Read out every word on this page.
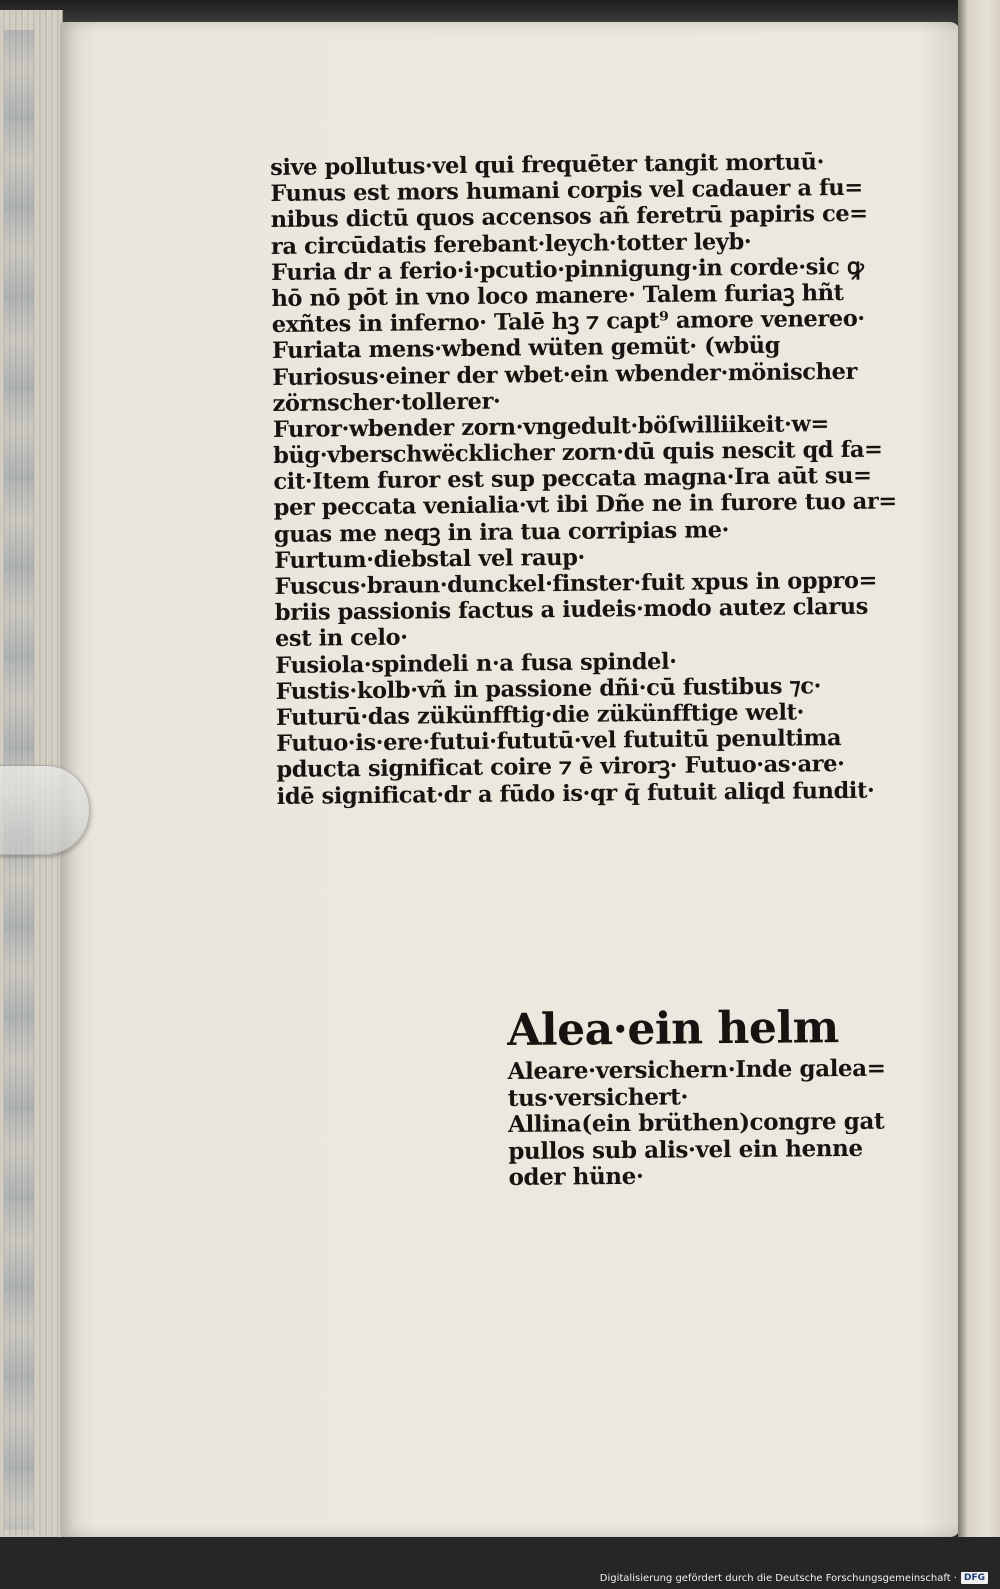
sive pollutus·vel qui frequēter tangit mortuū·
Funus est mors humani corpis vel cadauer a fu=
nibus dictū quos accensos añ feretrū papiris ce=
ra circūdatis ferebant·leych·totter leyb·
Furia dr a ferio·i·pcutio·pinnigung·in corde·sic ꝙ
hō nō pōt in vno loco manere· Talem furiaꝫ hñt
exñtes in inferno· Talē hꝫ ⁊ capt⁹ amore venereo·
Furiata mens·wbend wüten gemüt· (wbüg
Furiosus·einer der wbet·ein wbender·mönischer
zörnscher·tollerer·
Furor·wbender zorn·vngedult·böſwilliikeit·w=
büg·vberschwëcklicher zorn·dū quis nescit qd fa=
cit·Item furor est sup peccata magna·Ira aūt su=
per peccata venialia·vt ibi Dñe ne in furore tuo ar=
guas me neqꝫ in ira tua corripias me·
Furtum·diebstal vel raup·
Fuscus·braun·dunckel·finster·fuit xpus in oppro=
briis passionis factus a iudeis·modo autez clarus
est in celo·
Fusiola·spindeli n·a fusa spindel·
Fustis·kolb·vñ in passione dñi·cū fustibus ⁊c·
Futurū·das zükünfftig·die zükünfftige welt·
Futuo·is·ere·futui·fututū·vel futuitū penultima
pducta significat coire ⁊ ē virorꝫ· Futuo·as·are·
idē significat·dr a fūdo is·qr q̄ futuit aliqd fundit·
Alea·ein helm
Aleare·versichern·Inde galea=
tus·versichert·
Allina(ein brüthen)congre gat
pullos sub alis·vel ein henne
oder hüne·
Digitalisierung gefördert durch die Deutsche Forschungsgemeinschaft · DFG
